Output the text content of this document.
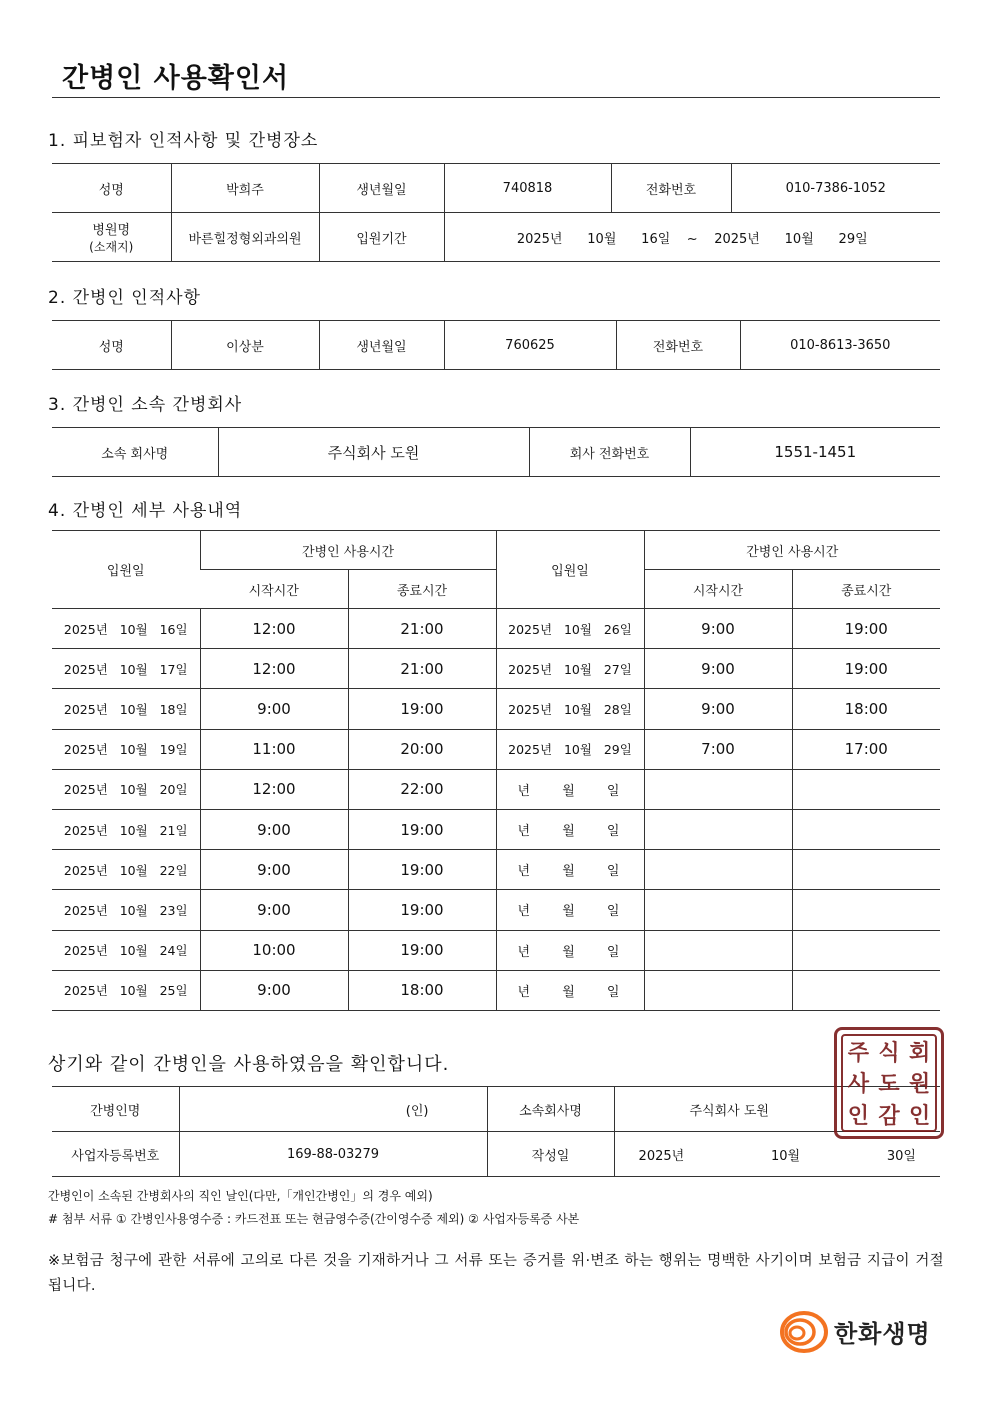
간병인 사용확인서
1. 피보험자 인적사항 및 간병장소
성명	박희주	생년월일	740818	전화번호	010-7386-1052

병원명
(소재지)	바른힐정형외과의원	입원기간	2025년      10월      16일    ~    2025년      10월      29일		
2. 간병인 인적사항
성명	이상분	생년월일	760625	전화번호	010-8613-3650
3. 간병인 소속 간병회사
소속 회사명	주식회사 도원	회사 전화번호	1551-1451
4. 간병인 세부 사용내역
입원일	간병인 사용시간		입원일	간병인 사용시간	
	시작시간	종료시간		시작시간	종료시간
2025년   10월   16일	12:00	21:00	2025년   10월   26일	9:00	19:00
2025년   10월   17일	12:00	21:00	2025년   10월   27일	9:00	19:00
2025년   10월   18일	9:00	19:00	2025년   10월   28일	9:00	18:00
2025년   10월   19일	11:00	20:00	2025년   10월   29일	7:00	17:00
2025년   10월   20일	12:00	22:00	년 월 일		
2025년   10월   21일	9:00	19:00	년 월 일		
2025년   10월   22일	9:00	19:00	년 월 일		
2025년   10월   23일	9:00	19:00	년 월 일		
2025년   10월   24일	10:00	19:00	년 월 일		
2025년   10월   25일	9:00	18:00	년 월 일		
상기와 같이 간병인을 사용하였음을 확인합니다.
간병인명	(인)	소속회사명	주식회사 도원
사업자등록번호	169-88-03279	작성일	2025년                     10월                     30일
주 식 회
사 도 원
인 감 인
간병인이 소속된 간병회사의 직인 날인(다만,「개인간병인」의 경우 예외)
# 첨부 서류 ① 간병인사용영수증 : 카드전표 또는 현금영수증(간이영수증 제외) ② 사업자등록증 사본
※보험금 청구에 관한 서류에 고의로 다른 것을 기재하거나 그 서류 또는 증거를 위·변조 하는 행위는 명백한 사기이며 보험금 지급이 거절됩니다.
한화생명
